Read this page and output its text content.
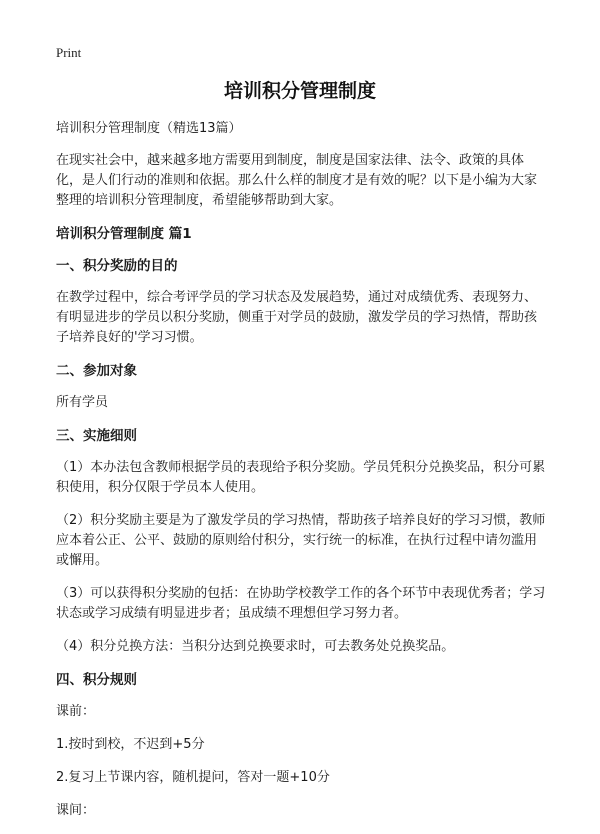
Print

培训积分管理制度

培训积分管理制度（精选13篇）

在现实社会中，越来越多地方需要用到制度，制度是国家法律、法令、政策的具体化，是人们行动的准则和依据。那么什么样的制度才是有效的呢？以下是小编为大家整理的培训积分管理制度，希望能够帮助到大家。

培训积分管理制度 篇1
一、积分奖励的目的

在教学过程中，综合考评学员的学习状态及发展趋势，通过对成绩优秀、表现努力、有明显进步的学员以积分奖励，侧重于对学员的鼓励，激发学员的学习热情，帮助孩子培养良好的'学习习惯。

二、参加对象

所有学员

三、实施细则

（1）本办法包含教师根据学员的表现给予积分奖励。学员凭积分兑换奖品，积分可累积使用，积分仅限于学员本人使用。

（2）积分奖励主要是为了激发学员的学习热情，帮助孩子培养良好的学习习惯，教师应本着公正、公平、鼓励的原则给付积分，实行统一的标准，在执行过程中请勿滥用或懈用。

（3）可以获得积分奖励的包括：在协助学校教学工作的各个环节中表现优秀者；学习状态或学习成绩有明显进步者；虽成绩不理想但学习努力者。

（4）积分兑换方法：当积分达到兑换要求时，可去教务处兑换奖品。

四、积分规则

课前：

1.按时到校，不迟到+5分

2.复习上节课内容，随机提问，答对一题+10分

课间：
